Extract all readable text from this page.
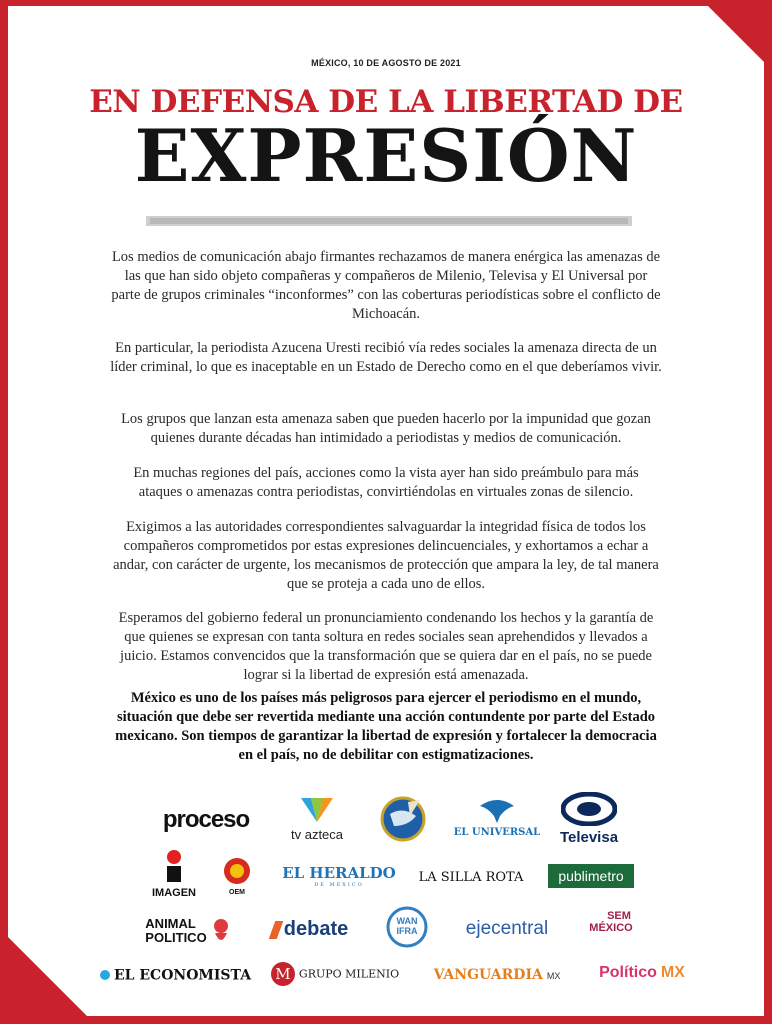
MÉXICO, 10 DE AGOSTO DE 2021
EN DEFENSA DE LA LIBERTAD DE
EXPRESIÓN
Los medios de comunicación abajo firmantes rechazamos de manera enérgica las amenazas de las que han sido objeto compañeras y compañeros de Milenio, Televisa y El Universal por parte de grupos criminales “inconformes” con las coberturas periodísticas sobre el conflicto de Michoacán.
En particular, la periodista Azucena Uresti recibió vía redes sociales la amenaza directa de un líder criminal, lo que es inaceptable en un Estado de Derecho como en el que deberíamos vivir.
Los grupos que lanzan esta amenaza saben que pueden hacerlo por la impunidad que gozan quienes durante décadas han intimidado a periodistas y medios de comunicación.
En muchas regiones del país, acciones como la vista ayer han sido preámbulo para más ataques o amenazas contra periodistas, convirtiéndolas en virtuales zonas de silencio.
Exigimos a las autoridades correspondientes salvaguardar la integridad física de todos los compañeros comprometidos por estas expresiones delincuenciales, y exhortamos a echar a andar, con carácter de urgente, los mecanismos de protección que ampara la ley, de tal manera que se proteja a cada uno de ellos.
Esperamos del gobierno federal un pronunciamiento condenando los hechos y la garantía de que quienes se expresan con tanta soltura en redes sociales sean aprehendidos y llevados a juicio. Estamos convencidos que la transformación que se quiera dar en el país, no se puede lograr si la libertad de expresión está amenazada.
México es uno de los países más peligrosos para ejercer el periodismo en el mundo, situación que debe ser revertida mediante una acción contundente por parte del Estado mexicano. Son tiempos de garantizar la libertad de expresión y fortalecer la democracia en el país, no de debilitar con estigmatizaciones.
proceso
tv azteca	EL UNIVERSAL	Televisa
IMAGEN	OEM
EL HERALDO
DE MÉXICO	LA SILLA ROTA	publimetro
ANIMAL
POLITICO
	debate	WAN
IFRA	ejecentral
SEM
MÉXICO
EL ECONOMISTA	M GRUPO MILENIO	VANGUARDIA MX	Político MX
